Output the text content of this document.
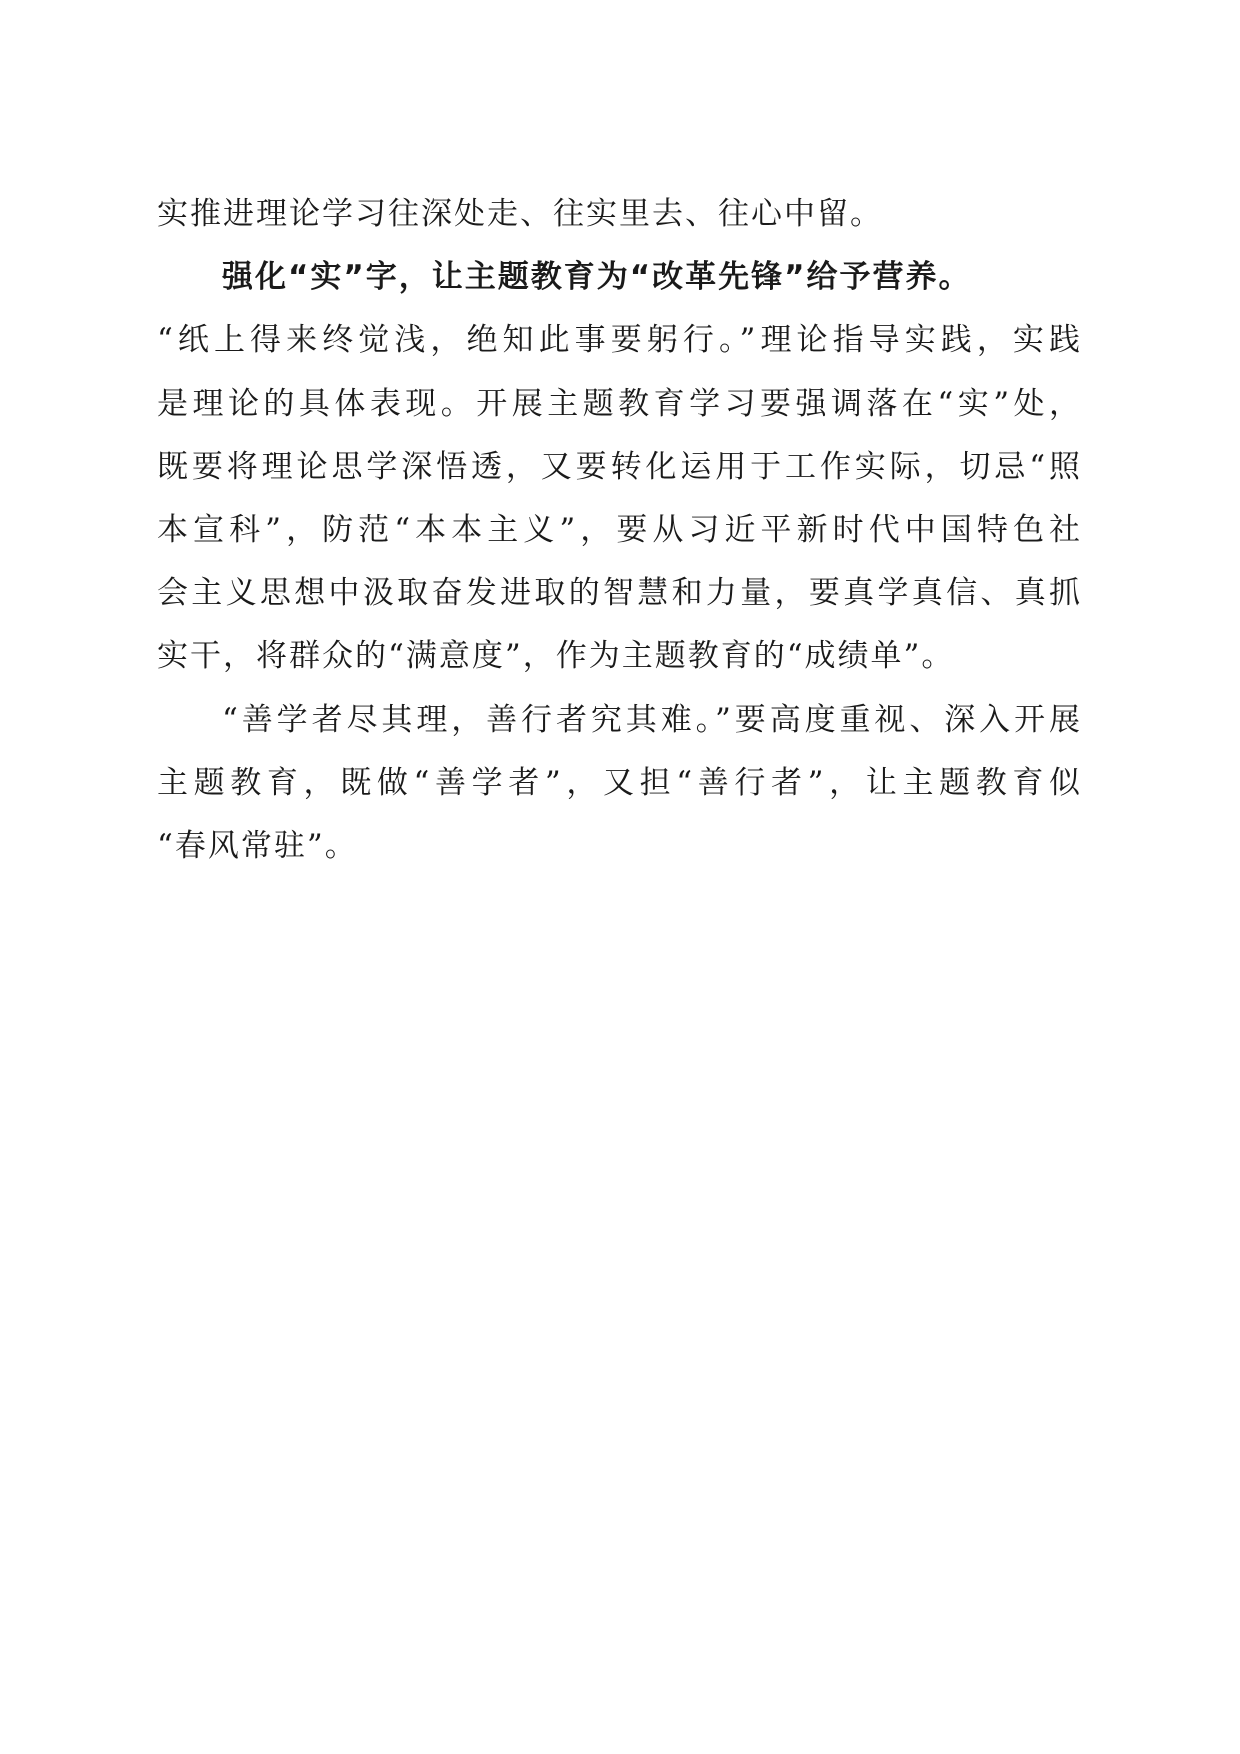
实推进理论学习往深处走、往实里去、往心中留。
强化“实”字，让主题教育为“改革先锋”给予营养。
“纸上得来终觉浅，绝知此事要躬行。”理论指导实践，实践
是理论的具体表现。开展主题教育学习要强调落在“实”处，
既要将理论思学深悟透，又要转化运用于工作实际，切忌“照
本宣科”，防范“本本主义”，要从习近平新时代中国特色社
会主义思想中汲取奋发进取的智慧和力量，要真学真信、真抓
实干，将群众的“满意度”，作为主题教育的“成绩单”。
“善学者尽其理，善行者究其难。”要高度重视、深入开展
主题教育，既做“善学者”，又担“善行者”，让主题教育似
“春风常驻”。
